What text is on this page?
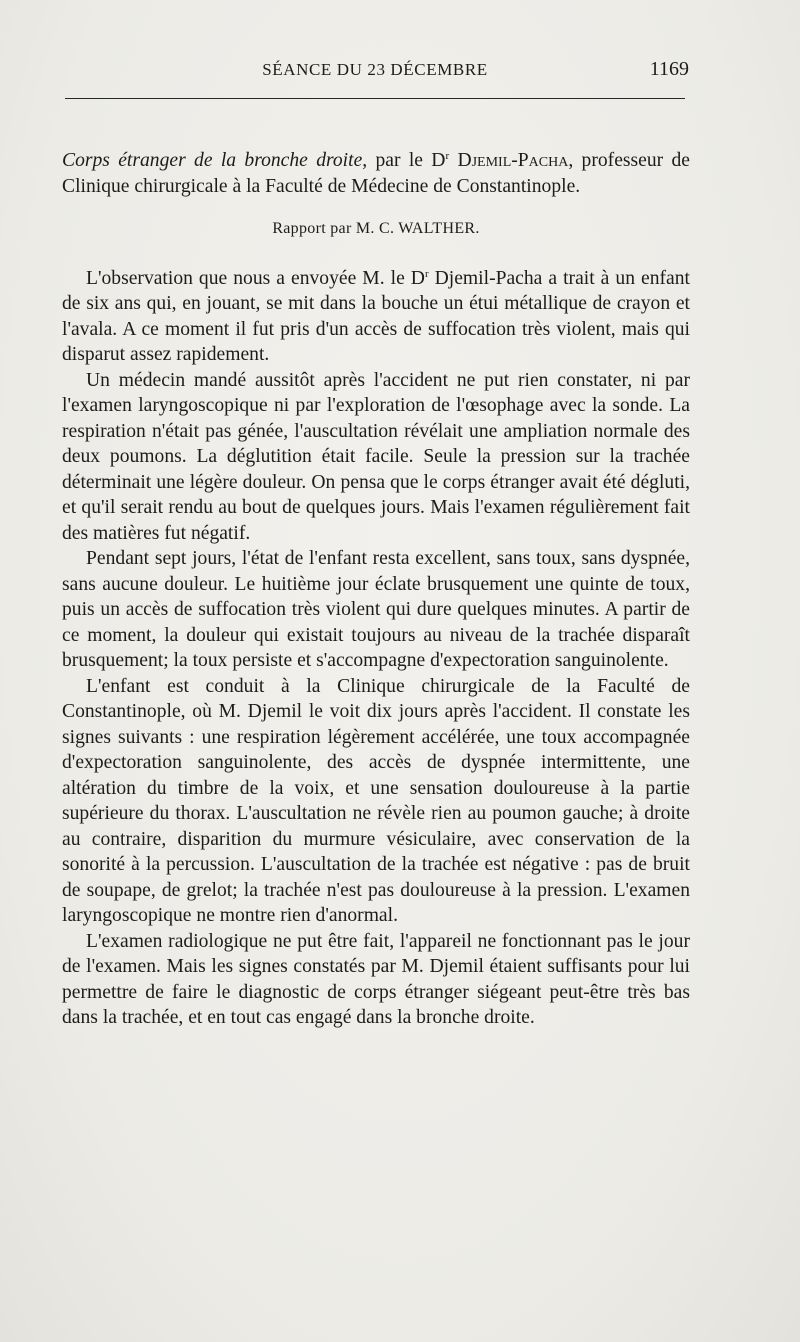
SÉANCE DU 23 DÉCEMBRE	1169

Corps étranger de la bronche droite, par le $D^r$ Djemil-Pacha, professeur de Clinique chirurgicale à la Faculté de Médecine de Constantinople.

Rapport par M. C. WALTHER.

L'observation que nous a envoyée M. le $D^r$ Djemil-Pacha a trait à un enfant de six ans qui, en jouant, se mit dans la bouche un étui métallique de crayon et l'avala. A ce moment il fut pris d'un accès de suffocation très violent, mais qui disparut assez rapidement.

Un médecin mandé aussitôt après l'accident ne put rien constater, ni par l'examen laryngoscopique ni par l'exploration de l'œsophage avec la sonde. La respiration n'était pas génée, l'auscultation révélait une ampliation normale des deux poumons. La déglutition était facile. Seule la pression sur la trachée déterminait une légère douleur. On pensa que le corps étranger avait été dégluti, et qu'il serait rendu au bout de quelques jours. Mais l'examen régulièrement fait des matières fut négatif.

Pendant sept jours, l'état de l'enfant resta excellent, sans toux, sans dyspnée, sans aucune douleur. Le huitième jour éclate brusquement une quinte de toux, puis un accès de suffocation très violent qui dure quelques minutes. A partir de ce moment, la douleur qui existait toujours au niveau de la trachée disparaît brusquement; la toux persiste et s'accompagne d'expectoration sanguinolente.

L'enfant est conduit à la Clinique chirurgicale de la Faculté de Constantinople, où M. Djemil le voit dix jours après l'accident. Il constate les signes suivants : une respiration légèrement accélérée, une toux accompagnée d'expectoration sanguinolente, des accès de dyspnée intermittente, une altération du timbre de la voix, et une sensation douloureuse à la partie supérieure du thorax. L'auscultation ne révèle rien au poumon gauche; à droite au contraire, disparition du murmure vésiculaire, avec conservation de la sonorité à la percussion. L'auscultation de la trachée est négative : pas de bruit de soupape, de grelot; la trachée n'est pas douloureuse à la pression. L'examen laryngoscopique ne montre rien d'anormal.

L'examen radiologique ne put être fait, l'appareil ne fonctionnant pas le jour de l'examen. Mais les signes constatés par M. Djemil étaient suffisants pour lui permettre de faire le diagnostic de corps étranger siégeant peut-être très bas dans la trachée, et en tout cas engagé dans la bronche droite.
